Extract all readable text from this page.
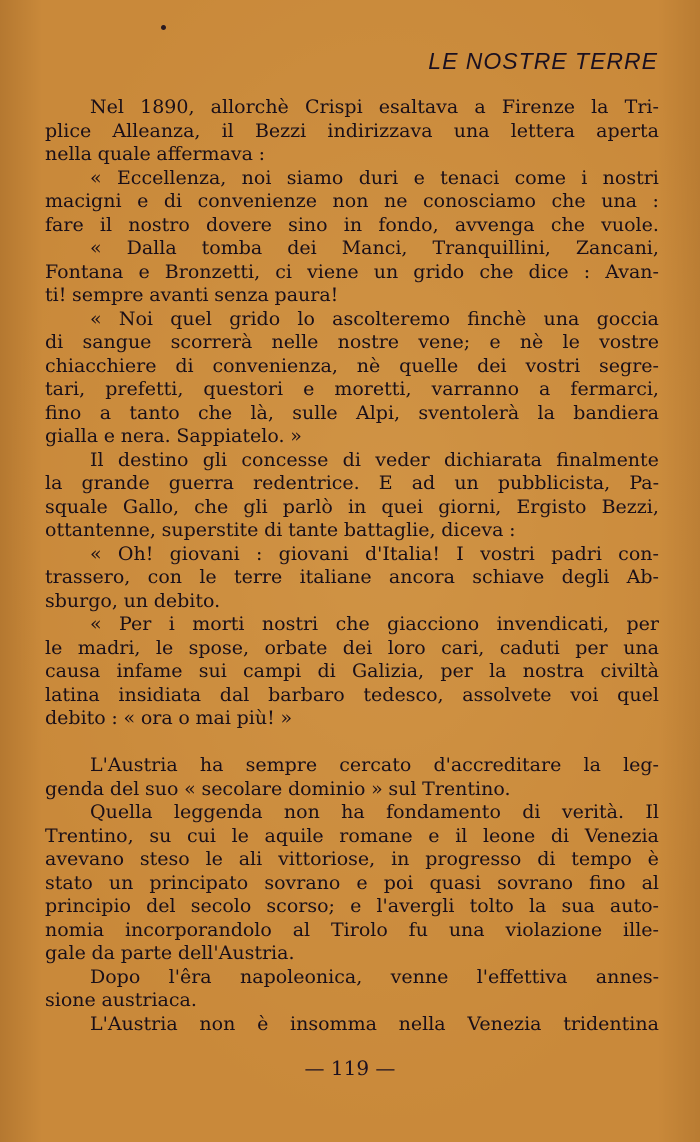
LE NOSTRE TERRE
Nel 1890, allorchè Crispi esaltava a Firenze la Tri-
plice Alleanza, il Bezzi indirizzava una lettera aperta
nella quale affermava :
« Eccellenza, noi siamo duri e tenaci come i nostri
macigni e di convenienze non ne conosciamo che una :
fare il nostro dovere sino in fondo, avvenga che vuole.
« Dalla tomba dei Manci, Tranquillini, Zancani,
Fontana e Bronzetti, ci viene un grido che dice : Avan-
ti! sempre avanti senza paura!
« Noi quel grido lo ascolteremo finchè una goccia
di sangue scorrerà nelle nostre vene; e nè le vostre
chiacchiere di convenienza, nè quelle dei vostri segre-
tari, prefetti, questori e moretti, varranno a fermarci,
fino a tanto che là, sulle Alpi, sventolerà la bandiera
gialla e nera. Sappiatelo. »
Il destino gli concesse di veder dichiarata finalmente
la grande guerra redentrice. E ad un pubblicista, Pa-
squale Gallo, che gli parlò in quei giorni, Ergisto Bezzi,
ottantenne, superstite di tante battaglie, diceva :
« Oh! giovani : giovani d'Italia! I vostri padri con-
trassero, con le terre italiane ancora schiave degli Ab-
sburgo, un debito.
« Per i morti nostri che giacciono invendicati, per
le madri, le spose, orbate dei loro cari, caduti per una
causa infame sui campi di Galizia, per la nostra civiltà
latina insidiata dal barbaro tedesco, assolvete voi quel
debito : « ora o mai più! »
L'Austria ha sempre cercato d'accreditare la leg-
genda del suo « secolare dominio » sul Trentino.
Quella leggenda non ha fondamento di verità. Il
Trentino, su cui le aquile romane e il leone di Venezia
avevano steso le ali vittoriose, in progresso di tempo è
stato un principato sovrano e poi quasi sovrano fino al
principio del secolo scorso; e l'avergli tolto la sua auto-
nomia incorporandolo al Tirolo fu una violazione ille-
gale da parte dell'Austria.
Dopo l'êra napoleonica, venne l'effettiva annes-
sione austriaca.
L'Austria non è insomma nella Venezia tridentina
— 119 —
